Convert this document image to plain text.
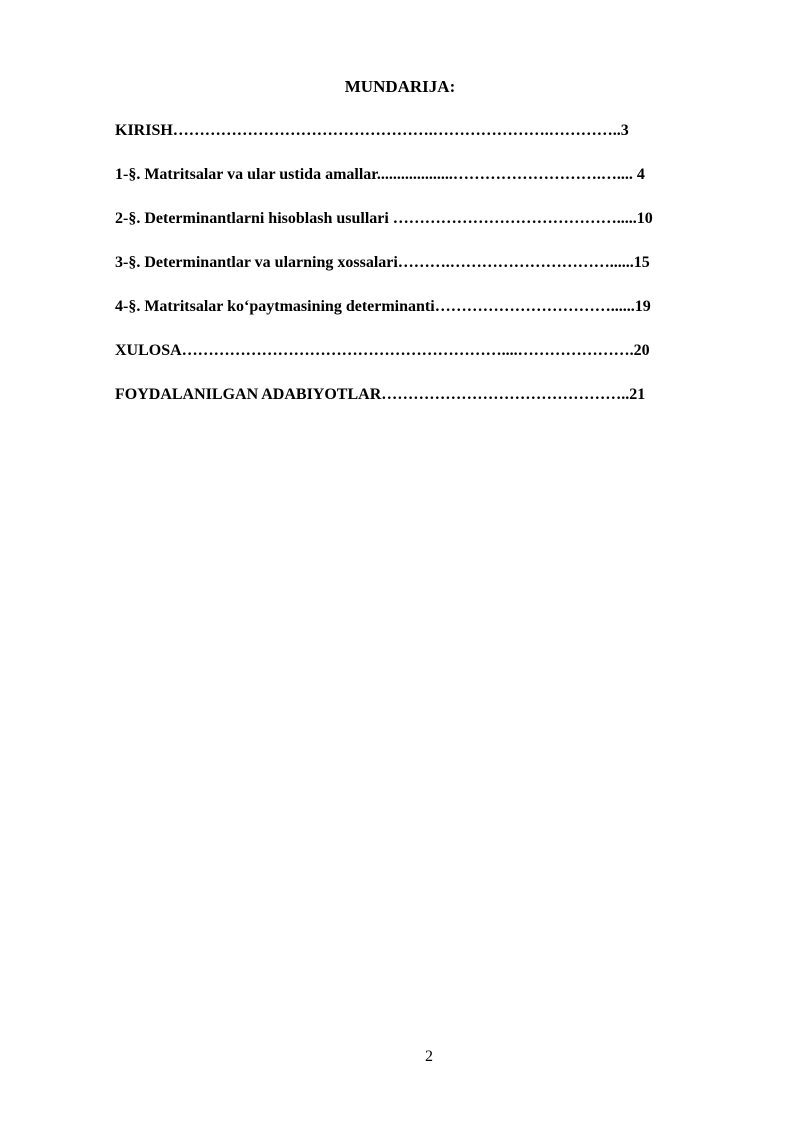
MUNDARIJA:
KIRISH………………………………………….………………….…………..3
1-§. Matritsalar va ular ustida amallar...................……………………….….... 4
2-§. Determinantlarni hisoblash usullari …………………………………….....10
3-§. Determinantlar va ularning xossalari……….…………………………......15
4-§. Matritsalar ko‘paytmasining determinanti……………………………......19
XULOSA……………………………………………………....………………….20
FOYDALANILGAN ADABIYOTLAR………………………………………..21
2
